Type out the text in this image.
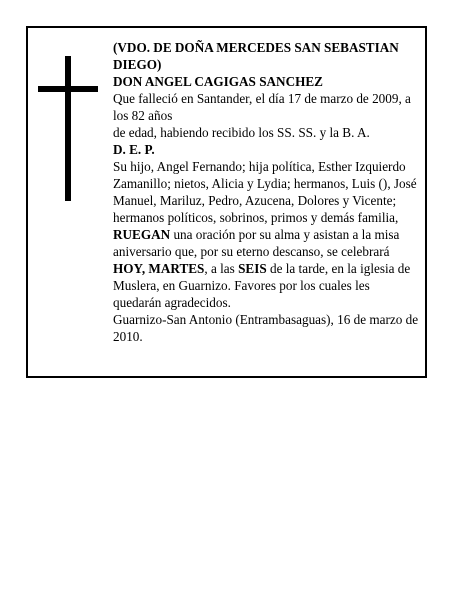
(VDO. DE DOÑA MERCEDES SAN SEBASTIAN DIEGO)

DON ANGEL CAGIGAS SANCHEZ

Que falleció en Santander, el día 17 de marzo de 2009, a los 82 años

de edad, habiendo recibido los SS. SS. y la B. A.

D. E. P.

Su hijo, Angel Fernando; hija política, Esther Izquierdo Zamanillo; nietos, Alicia y Lydia; hermanos, Luis (), José Manuel, Mariluz, Pedro, Azucena, Dolores y Vicente; hermanos políticos, sobrinos, primos y demás familia,

RUEGAN una oración por su alma y asistan a la misa aniversario que, por su eterno descanso, se celebrará

HOY, MARTES, a las SEIS de la tarde, en la iglesia de Muslera, en Guarnizo. Favores por los cuales les quedarán agradecidos.

Guarnizo-San Antonio (Entrambasaguas), 16 de marzo de 2010.
